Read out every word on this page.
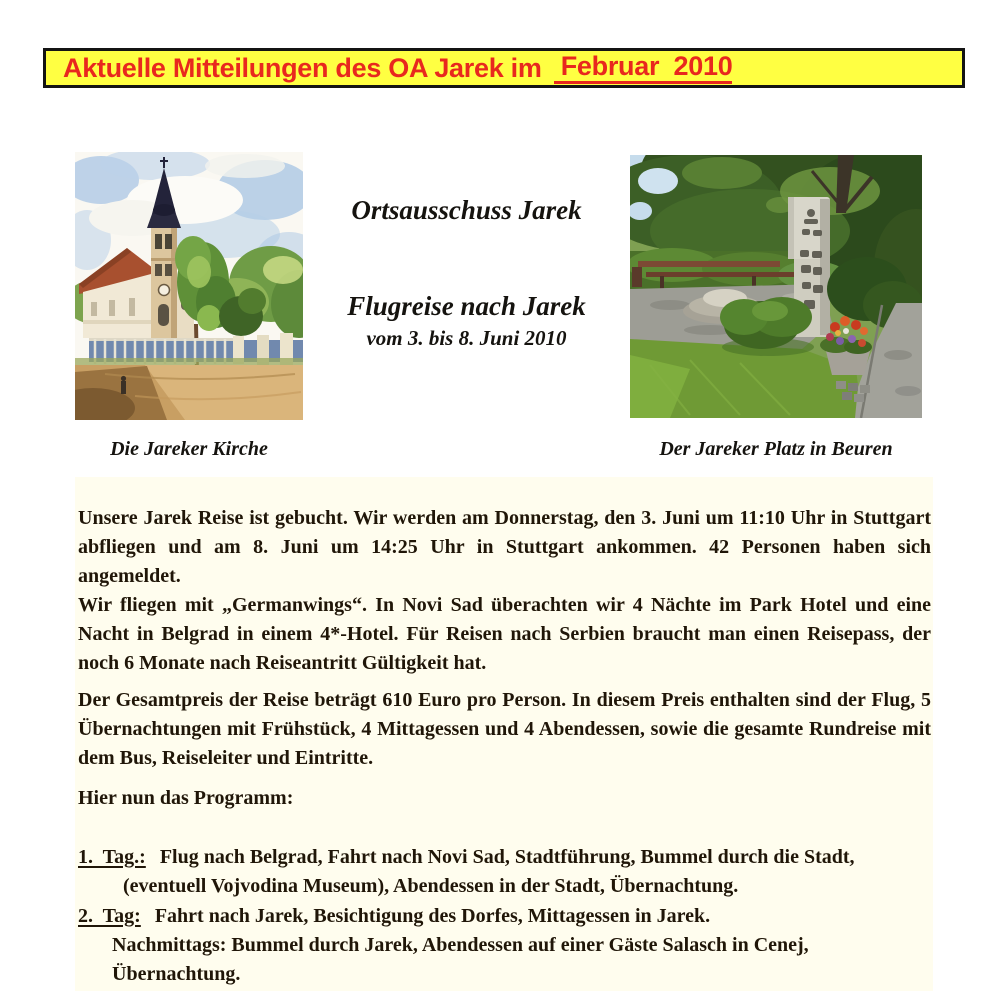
Aktuelle Mitteilungen des OA Jarek im Februar  2010
Ortsausschuss Jarek
Flugreise nach Jarek
vom 3. bis 8. Juni 2010
Die Jareker Kirche	Der Jareker Platz in Beuren
Unsere Jarek Reise ist gebucht. Wir werden am Donnerstag, den 3. Juni um 11:10 Uhr in Stuttgart abfliegen und am 8. Juni um 14:25 Uhr in Stuttgart ankommen. 42 Personen haben sich angemeldet.
Wir fliegen mit „Germanwings“. In Novi Sad überachten wir 4 Nächte im Park Hotel und eine Nacht in Belgrad in einem 4*-Hotel. Für Reisen nach Serbien braucht man einen Reisepass, der noch 6 Monate nach Reiseantritt Gültigkeit hat.
Der Gesamtpreis der Reise beträgt 610 Euro pro Person. In diesem Preis enthalten sind der Flug, 5 Übernachtungen mit Frühstück, 4 Mittagessen und 4 Abendessen, sowie die gesamte Rundreise mit dem Bus, Reiseleiter und Eintritte.
Hier nun das Programm:
1.  Tag.: Flug nach Belgrad, Fahrt nach Novi Sad, Stadtführung, Bummel durch die Stadt,
(eventuell Vojvodina Museum), Abendessen in der Stadt, Übernachtung.
2.  Tag: Fahrt nach Jarek, Besichtigung des Dorfes, Mittagessen in Jarek.
Nachmittags: Bummel durch Jarek, Abendessen auf einer Gäste Salasch in Cenej,
Übernachtung.
